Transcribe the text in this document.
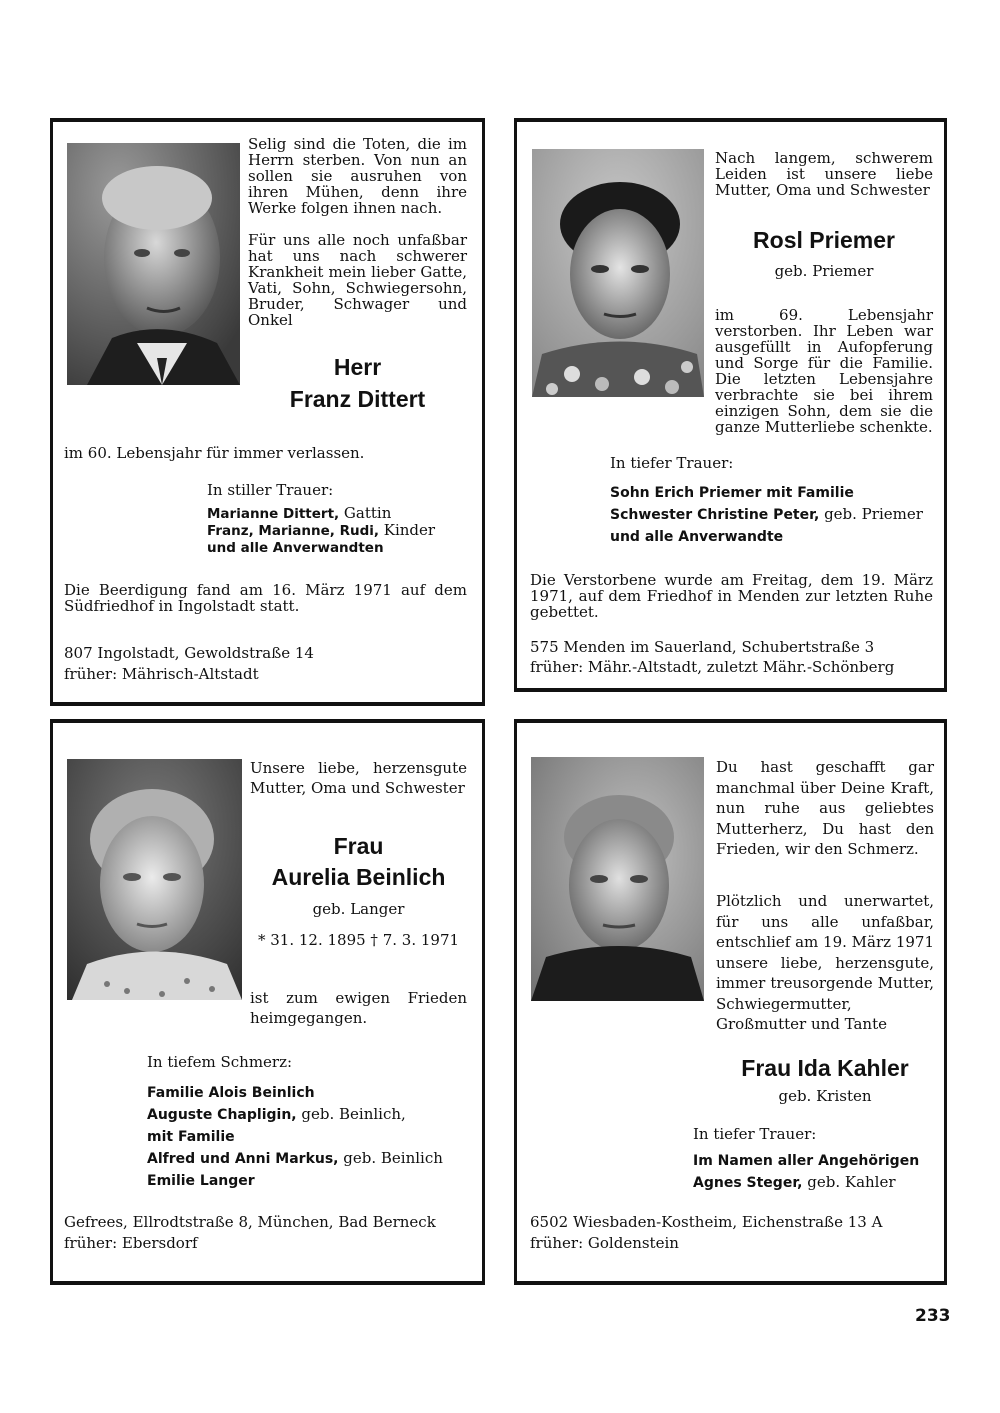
Selig sind die Toten, die im Herrn sterben. Von nun an sollen sie ausruhen von ihren Mühen, denn ihre Werke folgen ihnen nach.
Für uns alle noch unfaßbar hat uns nach schwerer Krankheit mein lieber Gatte, Vati, Sohn, Schwiegersohn, Bruder, Schwager und Onkel
Herr
Franz Dittert
im 60. Lebensjahr für immer verlassen.
In stiller Trauer:
Marianne Dittert, Gattin
Franz, Marianne, Rudi, Kinder
und alle Anverwandten
Die Beerdigung fand am 16. März 1971 auf dem Südfriedhof in Ingolstadt statt.
807 Ingolstadt, Gewoldstraße 14
früher: Mährisch-Altstadt
Nach langem, schwerem Leiden ist unsere liebe Mutter, Oma und Schwester
Rosl Priemer
geb. Priemer
im 69. Lebensjahr verstorben. Ihr Leben war ausgefüllt in Aufopferung und Sorge für die Familie. Die letzten Lebensjahre verbrachte sie bei ihrem einzigen Sohn, dem sie die ganze Mutterliebe schenkte.
In tiefer Trauer:
Sohn Erich Priemer mit Familie
Schwester Christine Peter, geb. Priemer
und alle Anverwandte
Die Verstorbene wurde am Freitag, dem 19. März 1971, auf dem Friedhof in Menden zur letzten Ruhe gebettet.
575 Menden im Sauerland, Schubertstraße 3
früher: Mähr.-Altstadt, zuletzt Mähr.-Schönberg
Unsere liebe, herzensgute Mutter, Oma und Schwester
Frau
Aurelia Beinlich
geb. Langer
* 31. 12. 1895 † 7. 3. 1971
ist zum ewigen Frieden heimgegangen.
In tiefem Schmerz:
Familie Alois Beinlich
Auguste Chapligin, geb. Beinlich,
mit Familie
Alfred und Anni Markus, geb. Beinlich
Emilie Langer
Gefrees, Ellrodtstraße 8, München, Bad Berneck
früher: Ebersdorf
Du hast geschafft gar manchmal über Deine Kraft, nun ruhe aus geliebtes Mutterherz, Du hast den Frieden, wir den Schmerz.
Plötzlich und unerwartet, für uns alle unfaßbar, entschlief am 19. März 1971 unsere liebe, herzensgute, immer treusorgende Mutter, Schwiegermutter, Großmutter und Tante
Frau Ida Kahler
geb. Kristen
In tiefer Trauer:
Im Namen aller Angehörigen
Agnes Steger, geb. Kahler
6502 Wiesbaden-Kostheim, Eichenstraße 13 A
früher: Goldenstein
233
